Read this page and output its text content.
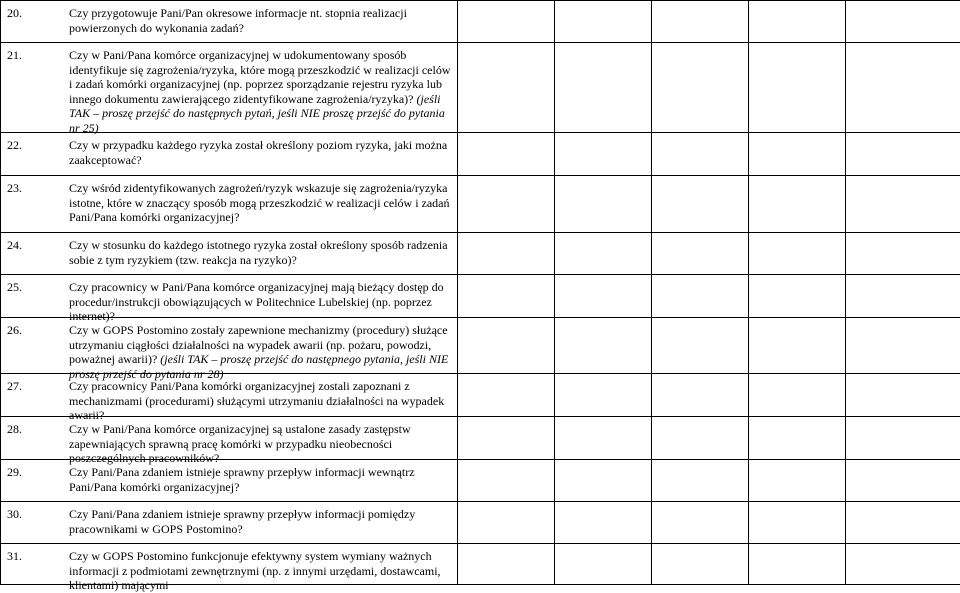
20. Czy przygotowuje Pani/Pan okresowe informacje nt. stopnia realizacji powierzonych do wykonania zadań?					

21. Czy w Pani/Pana komórce organizacyjnej w udokumentowany sposób identyfikuje się zagrożenia/ryzyka, które mogą przeszkodzić w realizacji celów i zadań komórki organizacyjnej (np. poprzez sporządzanie rejestru ryzyka lub innego dokumentu zawierającego zidentyfikowane zagrożenia/ryzyka)? (jeśli TAK – proszę przejść do następnych pytań, jeśli NIE proszę przejść do pytania nr 25)					

22. Czy w przypadku każdego ryzyka został określony poziom ryzyka, jaki można zaakceptować?					

23. Czy wśród zidentyfikowanych zagrożeń/ryzyk wskazuje się zagrożenia/ryzyka istotne, które w znaczący sposób mogą przeszkodzić w realizacji celów i zadań Pani/Pana komórki organizacyjnej?					

24. Czy w stosunku do każdego istotnego ryzyka został określony sposób radzenia sobie z tym ryzykiem (tzw. reakcja na ryzyko)?					

25. Czy pracownicy w Pani/Pana komórce organizacyjnej mają bieżący dostęp do procedur/instrukcji obowiązujących w Politechnice Lubelskiej (np. poprzez internet)?					

26. Czy w GOPS Postomino zostały zapewnione mechanizmy (procedury) służące utrzymaniu ciągłości działalności na wypadek awarii (np. pożaru, powodzi, poważnej awarii)? (jeśli TAK – proszę przejść do następnego pytania, jeśli NIE proszę przejść do pytania nr 28)					

27. Czy pracownicy Pani/Pana komórki organizacyjnej zostali zapoznani z mechanizmami (procedurami) służącymi utrzymaniu działalności na wypadek awarii?					

28. Czy w Pani/Pana komórce organizacyjnej są ustalone zasady zastępstw zapewniających sprawną pracę komórki w przypadku nieobecności poszczególnych pracowników?					

29. Czy Pani/Pana zdaniem istnieje sprawny przepływ informacji wewnątrz Pani/Pana komórki organizacyjnej?					

30. Czy Pani/Pana zdaniem istnieje sprawny przepływ informacji pomiędzy pracownikami w GOPS Postomino?					

31. Czy w GOPS Postomino funkcjonuje efektywny system wymiany ważnych informacji z podmiotami zewnętrznymi (np. z innymi urzędami, dostawcami, klientami) mającymi					
